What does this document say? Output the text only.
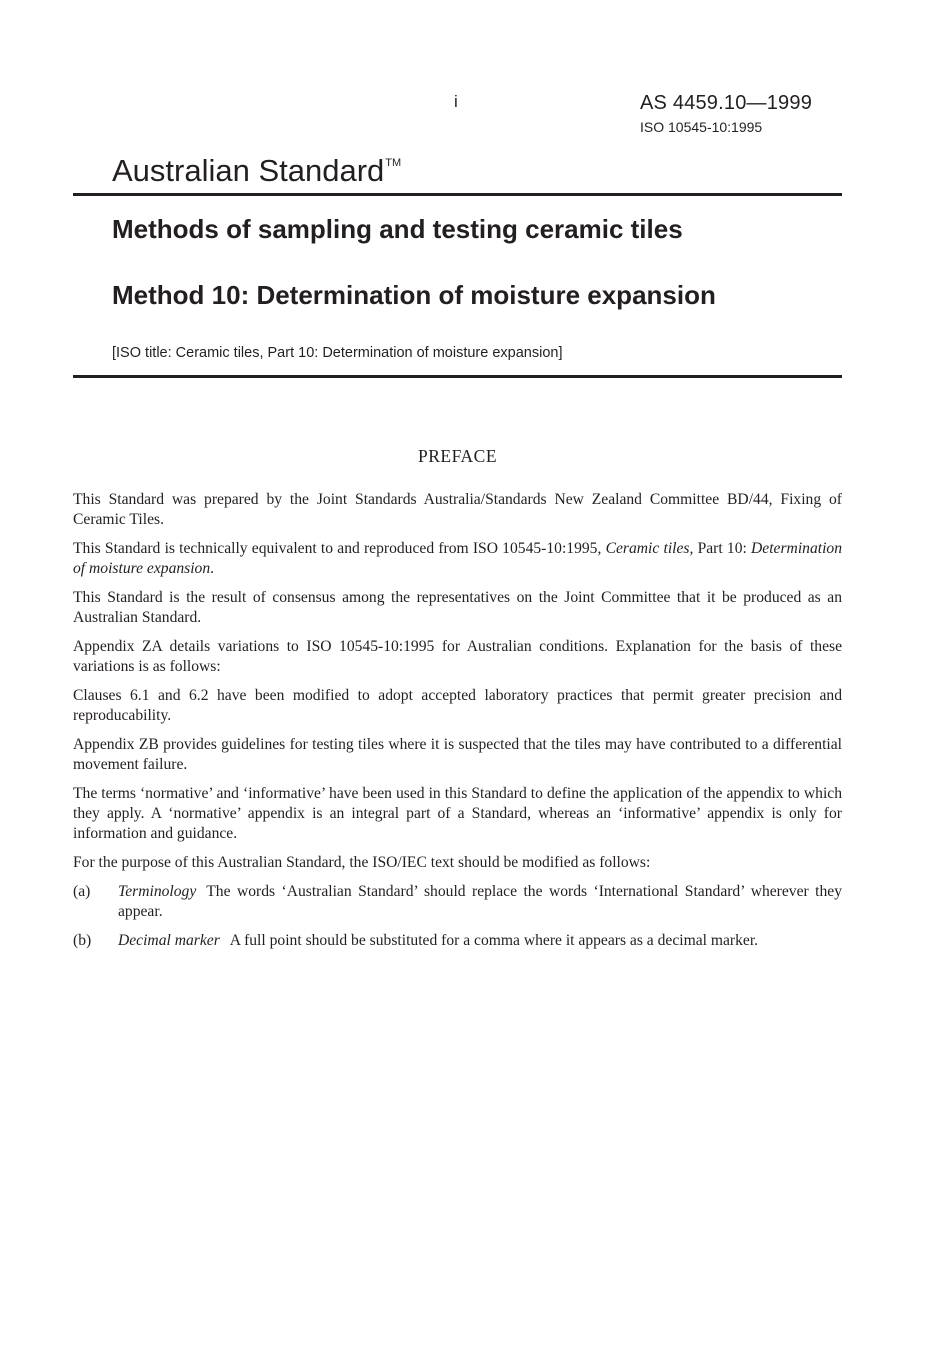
i	AS 4459.10—1999
ISO 10545-10:1995
Australian Standard™
Methods of sampling and testing ceramic tiles
Method 10: Determination of moisture expansion
[ISO title: Ceramic tiles, Part 10: Determination of moisture expansion]
PREFACE

This Standard was prepared by the Joint Standards Australia/Standards New Zealand Committee BD/44, Fixing of Ceramic Tiles.

This Standard is technically equivalent to and reproduced from ISO 10545-10:1995, Ceramic tiles, Part 10: Determination of moisture expansion.

This Standard is the result of consensus among the representatives on the Joint Committee that it be produced as an Australian Standard.

Appendix ZA details variations to ISO 10545-10:1995 for Australian conditions. Explanation for the basis of these variations is as follows:

Clauses 6.1 and 6.2 have been modified to adopt accepted laboratory practices that permit greater precision and reproducability.

Appendix ZB provides guidelines for testing tiles where it is suspected that the tiles may have contributed to a differential movement failure.

The terms ‘normative’ and ‘informative’ have been used in this Standard to define the application of the appendix to which they apply. A ‘normative’ appendix is an integral part of a Standard, whereas an ‘informative’ appendix is only for information and guidance.

For the purpose of this Australian Standard, the ISO/IEC text should be modified as follows:

(a) Terminology The words ‘Australian Standard’ should replace the words ‘International Standard’ wherever they appear.
(b) Decimal marker A full point should be substituted for a comma where it appears as a decimal marker.
